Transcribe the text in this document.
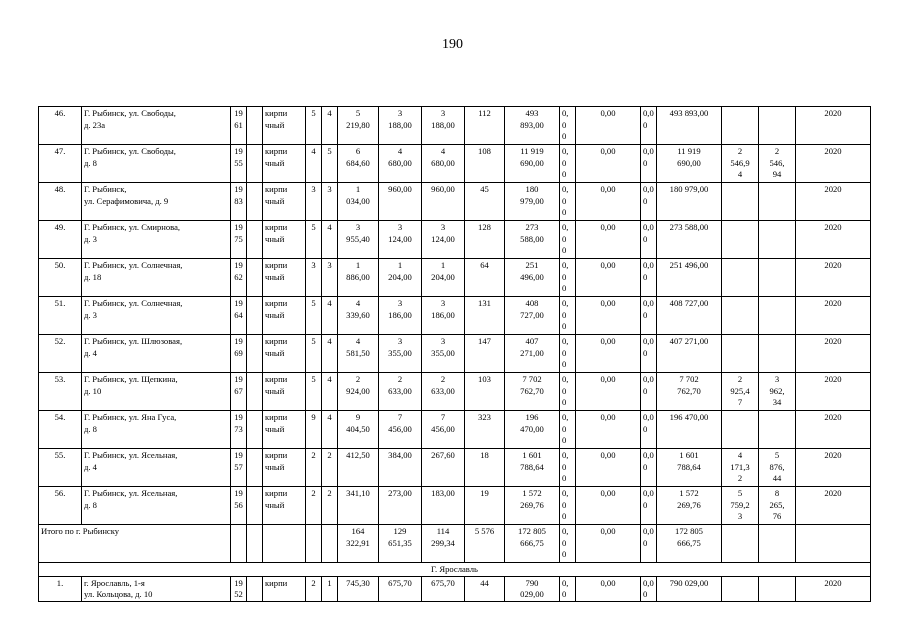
190
46.	Г. Рыбинск, ул. Свободы,
д. 23а	19
61		кирпи
чный	5	4	5
219,80	3
188,00	3
188,00	112	493
893,00	0,
0
0	0,00	0,0
0	493 893,00			2020

47.	Г. Рыбинск, ул. Свободы,
д. 8	19
55		кирпи
чный	4	5	6
684,60	4
680,00	4
680,00	108	11 919
690,00	0,
0
0	0,00	0,0
0	11 919
690,00	2
546,9
4	2
546,
94	2020

48.	Г. Рыбинск,
ул. Серафимовича, д. 9	19
83		кирпи
чный	3	3	1
034,00	960,00	960,00	45	180
979,00	0,
0
0	0,00	0,0
0	180 979,00			2020

49.	Г. Рыбинск, ул. Смирнова,
д. 3	19
75		кирпи
чный	5	4	3
955,40	3
124,00	3
124,00	128	273
588,00	0,
0
0	0,00	0,0
0	273 588,00			2020

50.	Г. Рыбинск, ул. Солнечная,
д. 18	19
62		кирпи
чный	3	3	1
886,00	1
204,00	1
204,00	64	251
496,00	0,
0
0	0,00	0,0
0	251 496,00			2020

51.	Г. Рыбинск, ул. Солнечная,
д. 3	19
64		кирпи
чный	5	4	4
339,60	3
186,00	3
186,00	131	408
727,00	0,
0
0	0,00	0,0
0	408 727,00			2020

52.	Г. Рыбинск, ул. Шлюзовая,
д. 4	19
69		кирпи
чный	5	4	4
581,50	3
355,00	3
355,00	147	407
271,00	0,
0
0	0,00	0,0
0	407 271,00			2020

53.	Г. Рыбинск, ул. Щепкина,
д. 10	19
67		кирпи
чный	5	4	2
924,00	2
633,00	2
633,00	103	7 702
762,70	0,
0
0	0,00	0,0
0	7 702
762,70	2
925,4
7	3
962,
34	2020

54.	Г. Рыбинск, ул. Яна Гуса,
д. 8	19
73		кирпи
чный	9	4	9
404,50	7
456,00	7
456,00	323	196
470,00	0,
0
0	0,00	0,0
0	196 470,00			2020

55.	Г. Рыбинск, ул. Ясельная,
д. 4	19
57		кирпи
чный	2	2	412,50	384,00	267,60	18	1 601
788,64	0,
0
0	0,00	0,0
0	1 601
788,64	4
171,3
2	5
876,
44	2020

56.	Г. Рыбинск, ул. Ясельная,
д. 8	19
56		кирпи
чный	2	2	341,10	273,00	183,00	19	1 572
269,76	0,
0
0	0,00	0,0
0	1 572
269,76	5
759,2
3	8
265,
76	2020

Итого по г. Рыбинску							164
322,91	129
651,35	114
299,34	5 576	172 805
666,75	0,
0
0	0,00	0,0
0	172 805
666,75			

Г. Ярославль																		

1.	г. Ярославль, 1-я
ул. Кольцова, д. 10	19
52		кирпи	2	1	745,30	675,70	675,70	44	790
029,00	0,
0	0,00	0,0
0	790 029,00			2020
